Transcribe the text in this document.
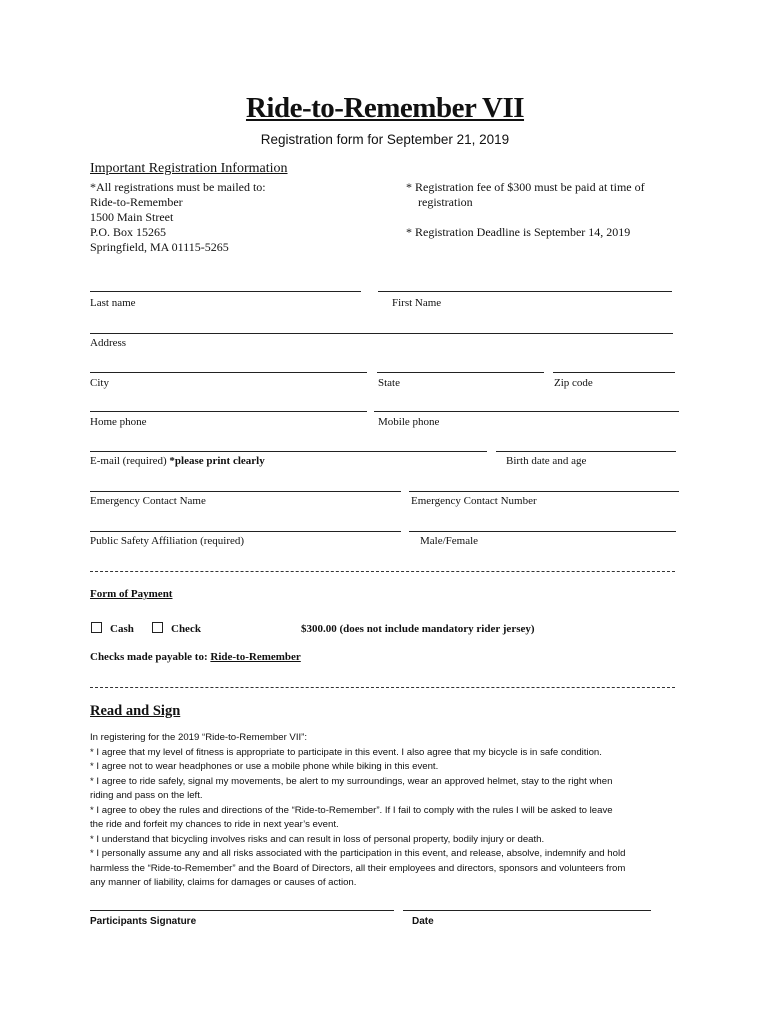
Ride-to-Remember VII
Registration form for September 21, 2019
Important Registration Information
*All registrations must be mailed to:
Ride-to-Remember
1500 Main Street
P.O. Box 15265
Springfield, MA 01115-5265
* Registration fee of $300 must be paid at time of
registration
* Registration Deadline is September 14, 2019
Last name	First Name
Address
City	State	Zip code
Home phone	Mobile phone
E-mail (required) *please print clearly	Birth date and age
Emergency Contact Name	Emergency Contact Number
Public Safety Affiliation (required)	Male/Female
Form of Payment
Cash	Check	$300.00 (does not include mandatory rider jersey)
Checks made payable to: Ride-to-Remember
Read and Sign
In registering for the 2019 “Ride-to-Remember VII”:
* I agree that my level of fitness is appropriate to participate in this event. I also agree that my bicycle is in safe condition.
* I agree not to wear headphones or use a mobile phone while biking in this event.
* I agree to ride safely, signal my movements, be alert to my surroundings, wear an approved helmet, stay to the right when
riding and pass on the left.
* I agree to obey the rules and directions of the “Ride-to-Remember”. If I fail to comply with the rules I will be asked to leave
the ride and forfeit my chances to ride in next year’s event.
* I understand that bicycling involves risks and can result in loss of personal property, bodily injury or death.
* I personally assume any and all risks associated with the participation in this event, and release, absolve, indemnify and hold
harmless the “Ride-to-Remember” and the Board of Directors, all their employees and directors, sponsors and volunteers from
any manner of liability, claims for damages or causes of action.
Participants Signature	Date
